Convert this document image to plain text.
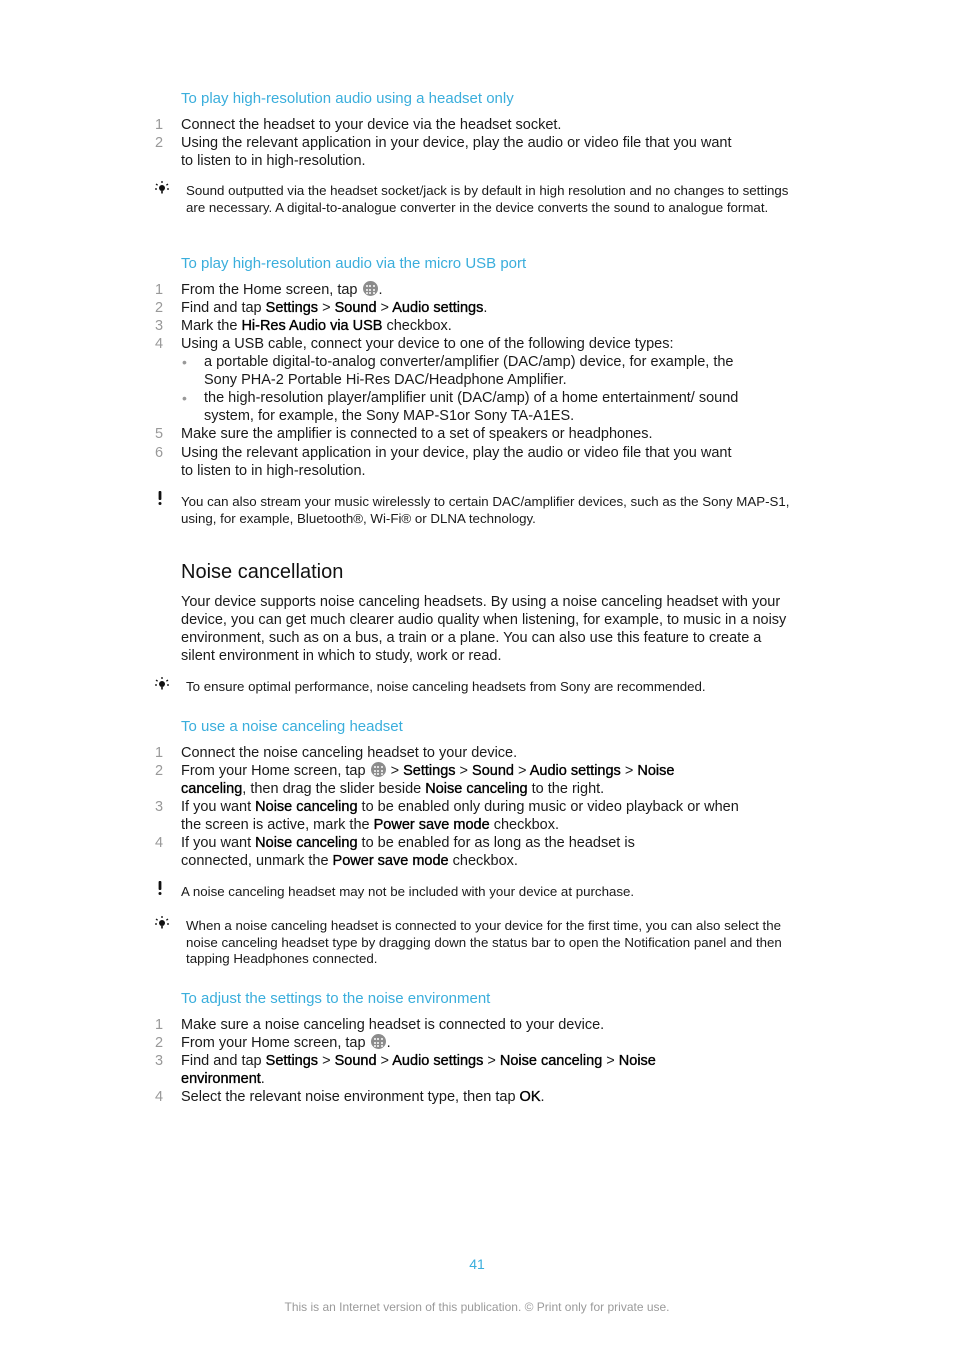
To play high-resolution audio using a headset only
1 Connect the headset to your device via the headset socket.
2 Using the relevant application in your device, play the audio or video file that you want to listen to in high-resolution.
Sound outputted via the headset socket/jack is by default in high resolution and no changes to settings are necessary. A digital-to-analogue converter in the device converts the sound to analogue format.
To play high-resolution audio via the micro USB port
1 From the Home screen, tap
.
2 Find and tap Settings > Sound > Audio settings.
3 Mark the Hi-Res Audio via USB checkbox.
4 Using a USB cable, connect your device to one of the following device types:
• a portable digital-to-analog converter/amplifier (DAC/amp) device, for example, the Sony PHA-2 Portable Hi-Res DAC/Headphone Amplifier.
• the high-resolution player/amplifier unit (DAC/amp) of a home entertainment/ sound system, for example, the Sony MAP-S1or Sony TA-A1ES.
5 Make sure the amplifier is connected to a set of speakers or headphones.
6 Using the relevant application in your device, play the audio or video file that you want to listen to in high-resolution.
You can also stream your music wirelessly to certain DAC/amplifier devices, such as the Sony MAP-S1, using, for example, Bluetooth®, Wi-Fi® or DLNA technology.
Noise cancellation
Your device supports noise canceling headsets. By using a noise canceling headset with your device, you can get much clearer audio quality when listening, for example, to music in a noisy environment, such as on a bus, a train or a plane. You can also use this feature to create a silent environment in which to study, work or read.
To ensure optimal performance, noise canceling headsets from Sony are recommended.
To use a noise canceling headset
1 Connect the noise canceling headset to your device.
2 From your Home screen, tap
> Settings > Sound > Audio settings > Noise canceling, then drag the slider beside Noise canceling to the right.
3 If you want Noise canceling to be enabled only during music or video playback or when the screen is active, mark the Power save mode checkbox.
4 If you want Noise canceling to be enabled for as long as the headset is connected, unmark the Power save mode checkbox.
A noise canceling headset may not be included with your device at purchase.
When a noise canceling headset is connected to your device for the first time, you can also select the noise canceling headset type by dragging down the status bar to open the Notification panel and then tapping Headphones connected.
To adjust the settings to the noise environment
1 Make sure a noise canceling headset is connected to your device.
2 From your Home screen, tap
.
3 Find and tap Settings > Sound > Audio settings > Noise canceling > Noise environment.
4 Select the relevant noise environment type, then tap OK.
41
This is an Internet version of this publication. © Print only for private use.
